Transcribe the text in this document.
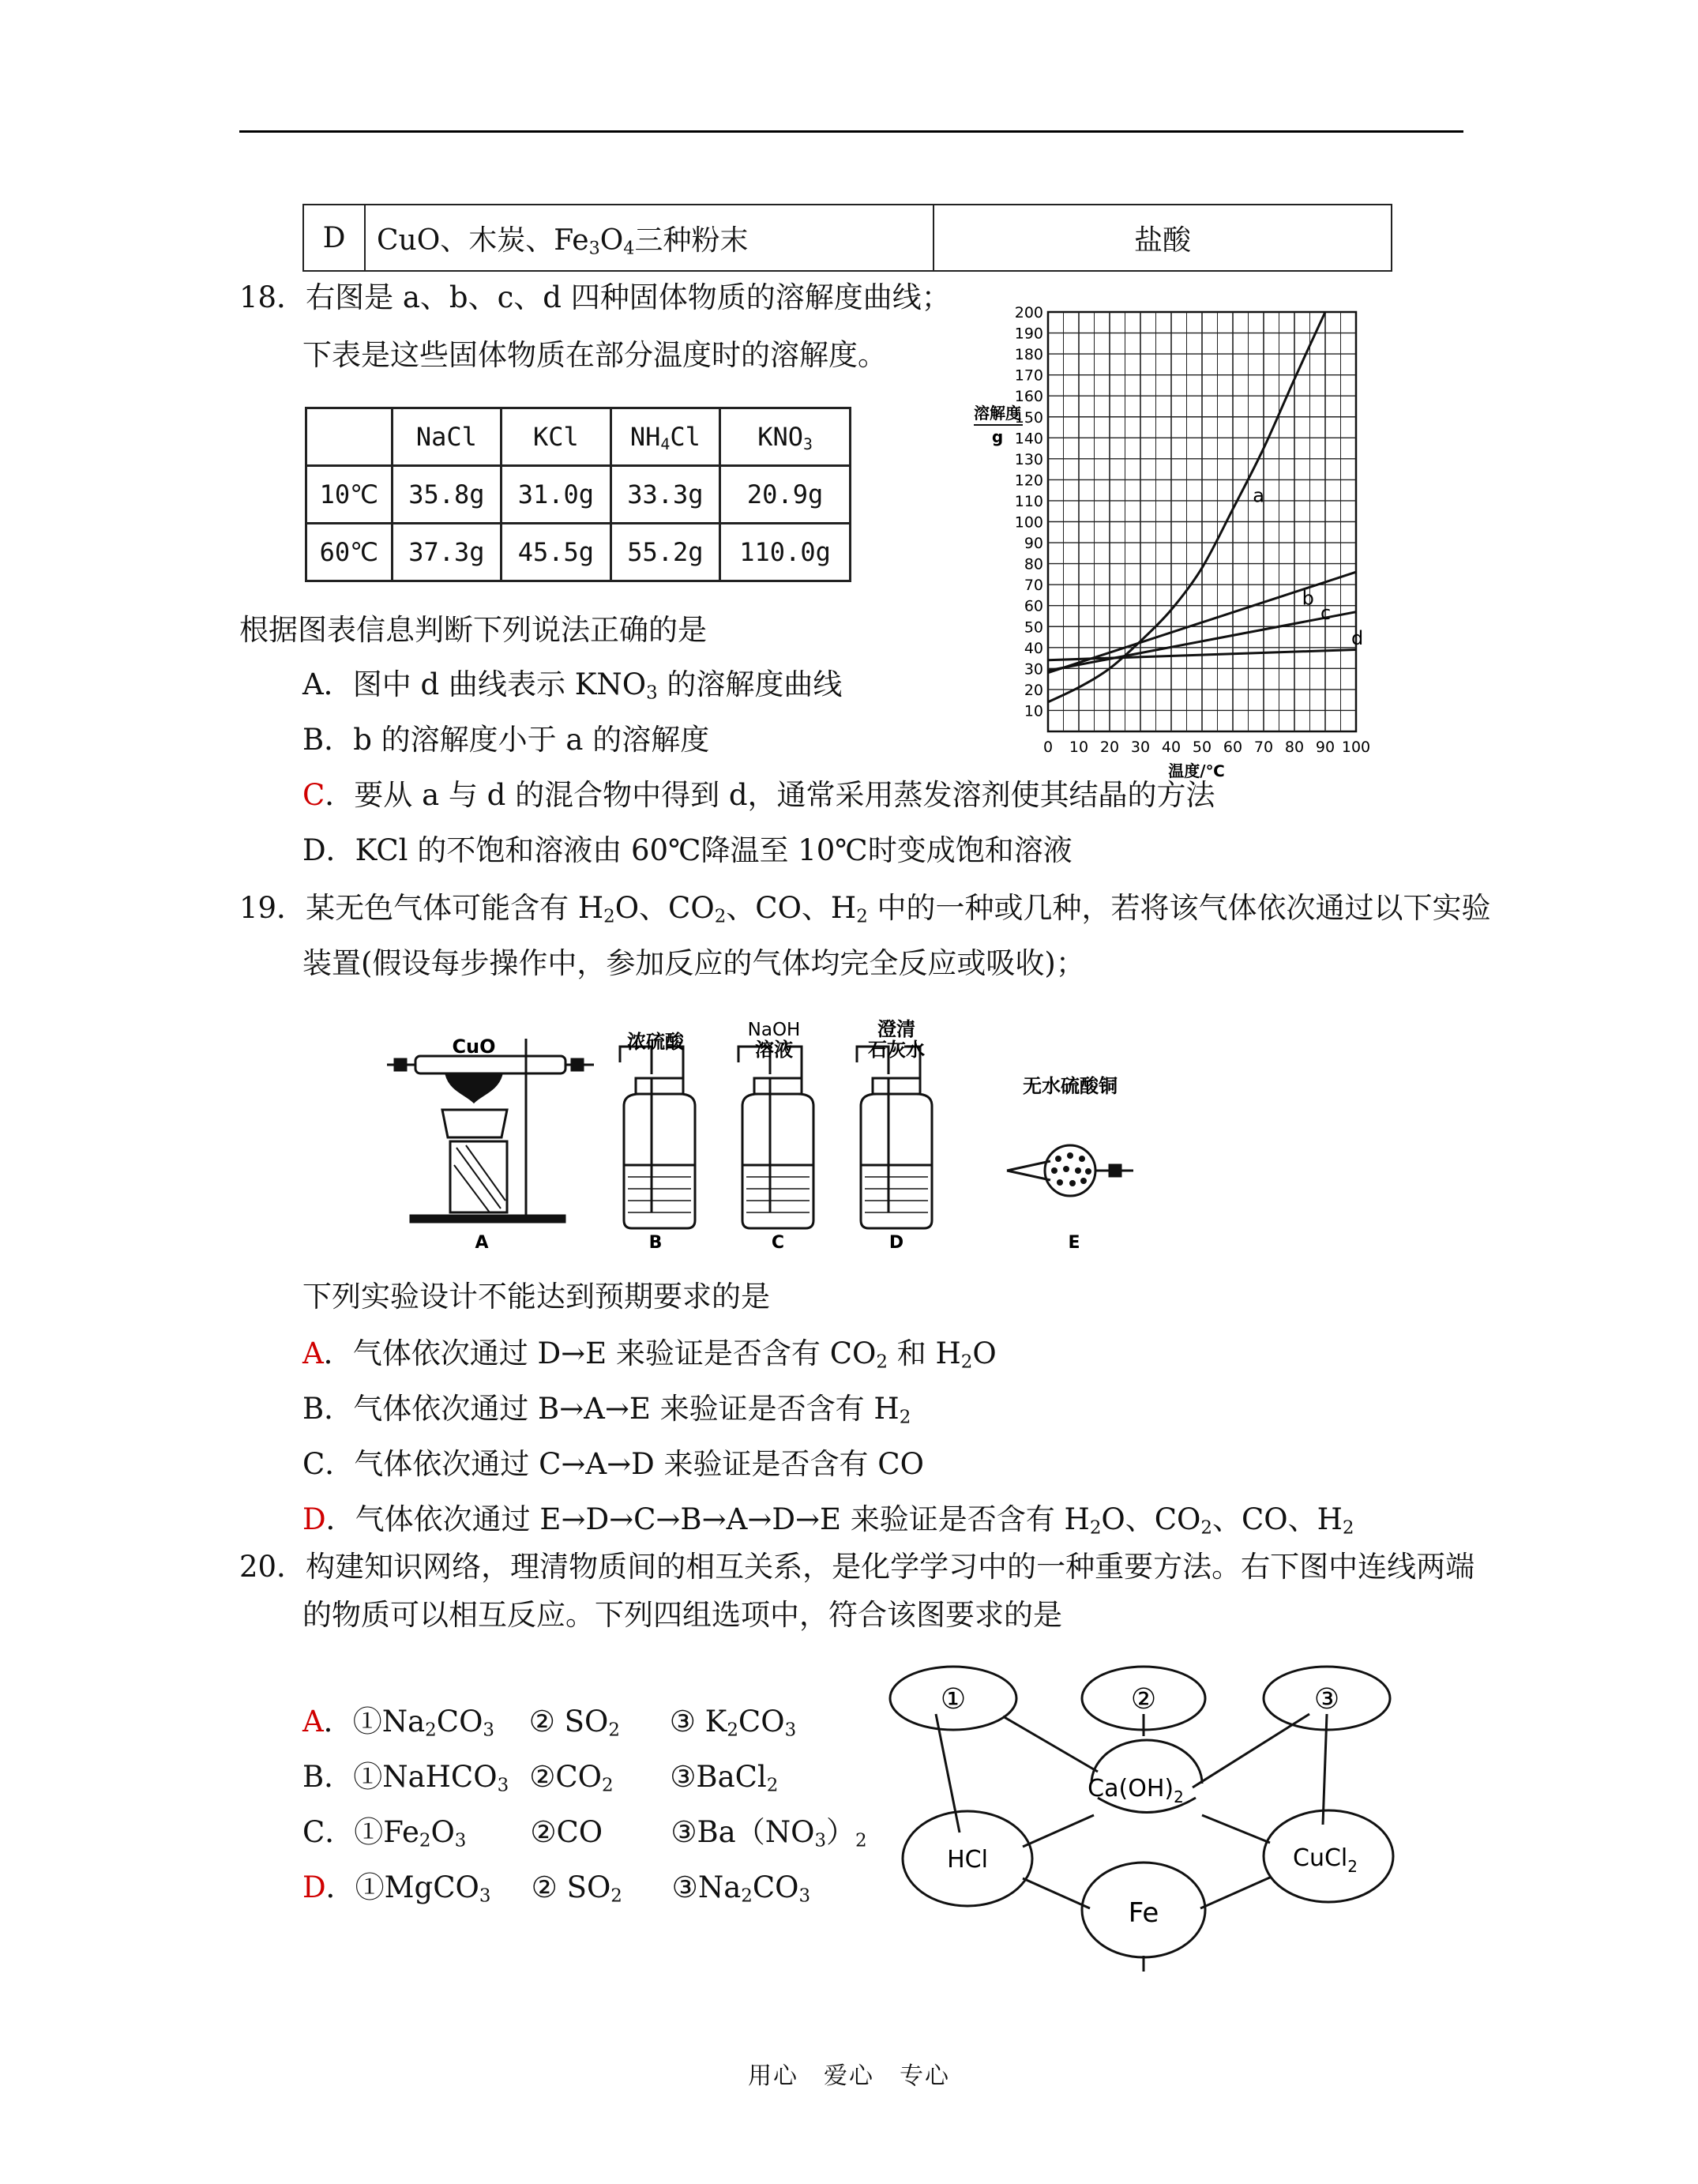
D	CuO、木炭、$Fe_3O_4$三种粉末	盐酸
18．右图是 a、b、c、d 四种固体物质的溶解度曲线；
下表是这些固体物质在部分温度时的溶解度。
	NaCl	KCl	$NH_4Cl$	$KNO_3$
10℃	35.8g	31.0g	33.3g	20.9g
60℃	37.3g	45.5g	55.2g	110.0g
根据图表信息判断下列说法正确的是
A．图中 d 曲线表示 $KNO_3$ 的溶解度曲线
B．b 的溶解度小于 a 的溶解度
C．要从 a 与 d 的混合物中得到 d，通常采用蒸发溶剂使其结晶的方法
D．KCl 的不饱和溶液由 60℃降温至 10℃时变成饱和溶液
0 10 20 30 40 50 60 70 80 90 100
10
20
30
40
50
60
70
80
90
100
110
120
130
140
150
160
170
180
190
200
a
b
c
d
溶解度
g
温度/℃
19．某无色气体可能含有 $H_2O$、$CO_2$、CO、$H_2$ 中的一种或几种，若将该气体依次通过以下实验
装置(假设每步操作中，参加反应的气体均完全反应或吸收)；
CuO	浓硫酸
NaOH
溶液
澄清
石灰水
无水硫酸铜
A	B	C	D	E
下列实验设计不能达到预期要求的是
A．气体依次通过 D→E 来验证是否含有 $CO_2$ 和 $H_2O$
B．气体依次通过 B→A→E 来验证是否含有 $H_2$
C．气体依次通过 C→A→D 来验证是否含有 CO
D．气体依次通过 E→D→C→B→A→D→E 来验证是否含有 $H_2O$、$CO_2$、CO、$H_2$
20．构建知识网络，理清物质间的相互关系，是化学学习中的一种重要方法。右下图中连线两端
的物质可以相互反应。下列四组选项中，符合该图要求的是
A．$①Na_2CO_3$ ② $SO_2$ ③ $K_2CO_3$
B．①NaHCO$_3$ $②CO_2$ ③BaCl$_2$
C．$①Fe_2O_3$ ②CO $③Ba(NO_3)_2$
D．①MgCO$_3$ ② $SO_2$ $③Na_2CO_3$
①	②	③
$Ca(OH)_2$
HCl	CuCl$_2$
Fe
用心　爱心　专心
